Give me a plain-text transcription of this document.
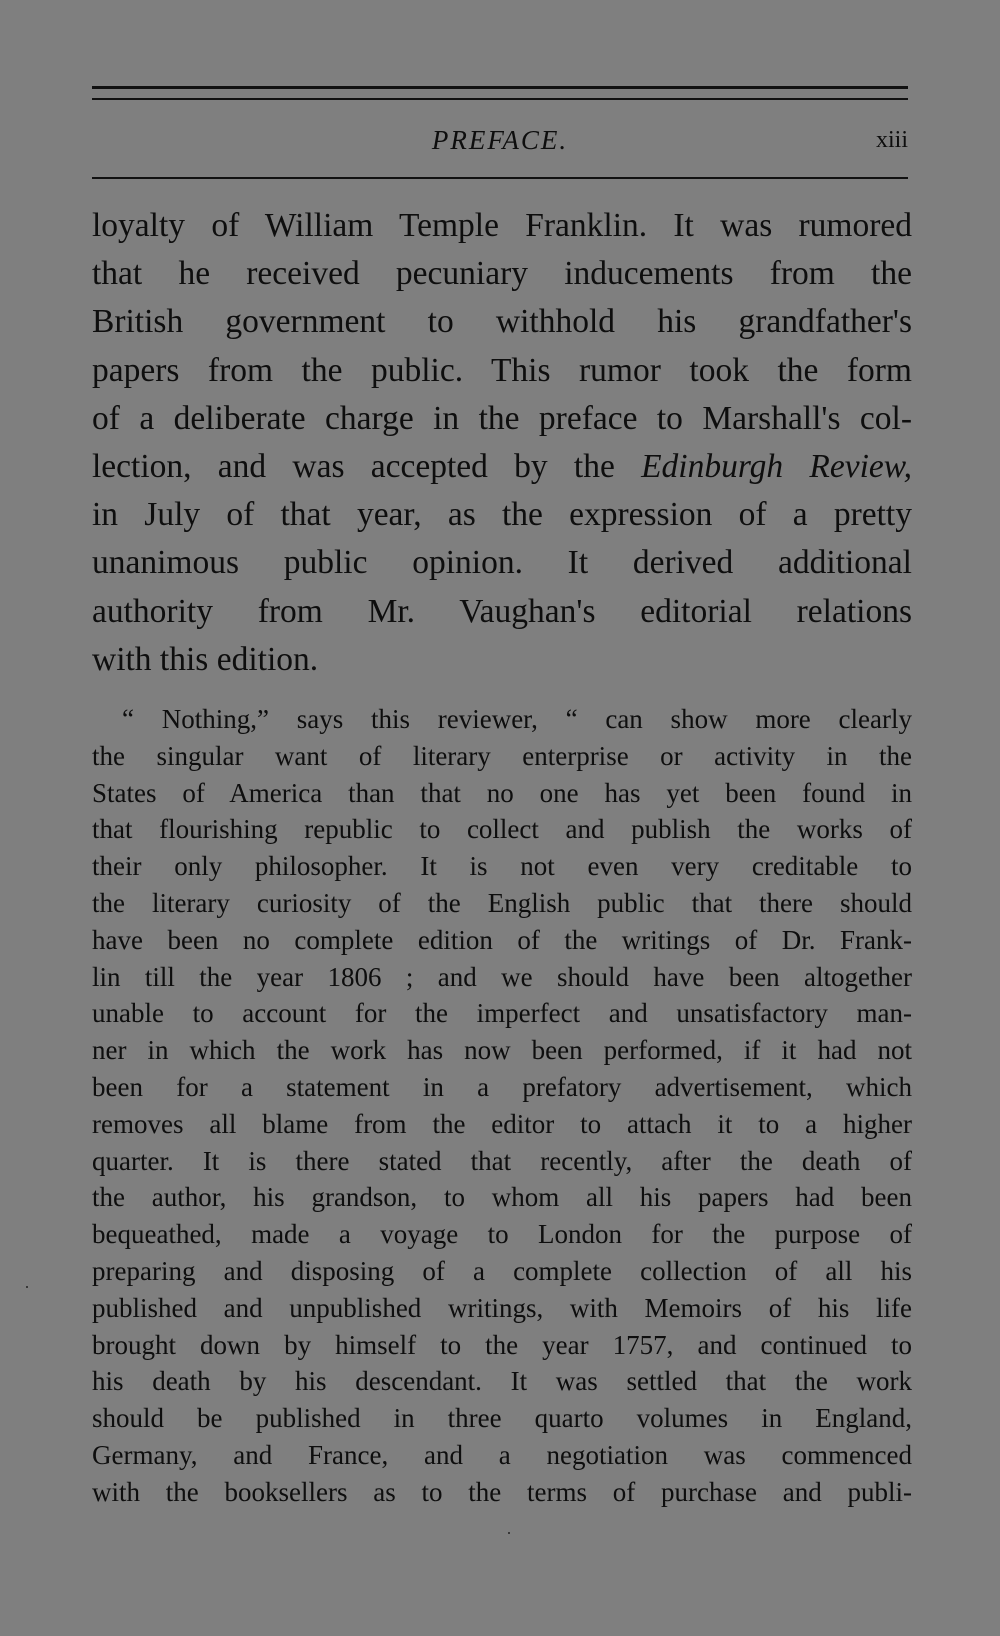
PREFACE.	xiii
loyalty of William Temple Franklin. It was rumored
that he received pecuniary inducements from the
British government to withhold his grandfather's
papers from the public. This rumor took the form
of a deliberate charge in the preface to Marshall's col-
lection, and was accepted by the Edinburgh Review,
in July of that year, as the expression of a pretty
unanimous public opinion. It derived additional
authority from Mr. Vaughan's editorial relations
with this edition.
“ Nothing,” says this reviewer, “ can show more clearly
the singular want of literary enterprise or activity in the
States of America than that no one has yet been found in
that flourishing republic to collect and publish the works of
their only philosopher. It is not even very creditable to
the literary curiosity of the English public that there should
have been no complete edition of the writings of Dr. Frank-
lin till the year 1806 ; and we should have been altogether
unable to account for the imperfect and unsatisfactory man-
ner in which the work has now been performed, if it had not
been for a statement in a prefatory advertisement, which
removes all blame from the editor to attach it to a higher
quarter. It is there stated that recently, after the death of
the author, his grandson, to whom all his papers had been
bequeathed, made a voyage to London for the purpose of
preparing and disposing of a complete collection of all his
published and unpublished writings, with Memoirs of his life
brought down by himself to the year 1757, and continued to
his death by his descendant. It was settled that the work
should be published in three quarto volumes in England,
Germany, and France, and a negotiation was commenced
with the booksellers as to the terms of purchase and publi-
